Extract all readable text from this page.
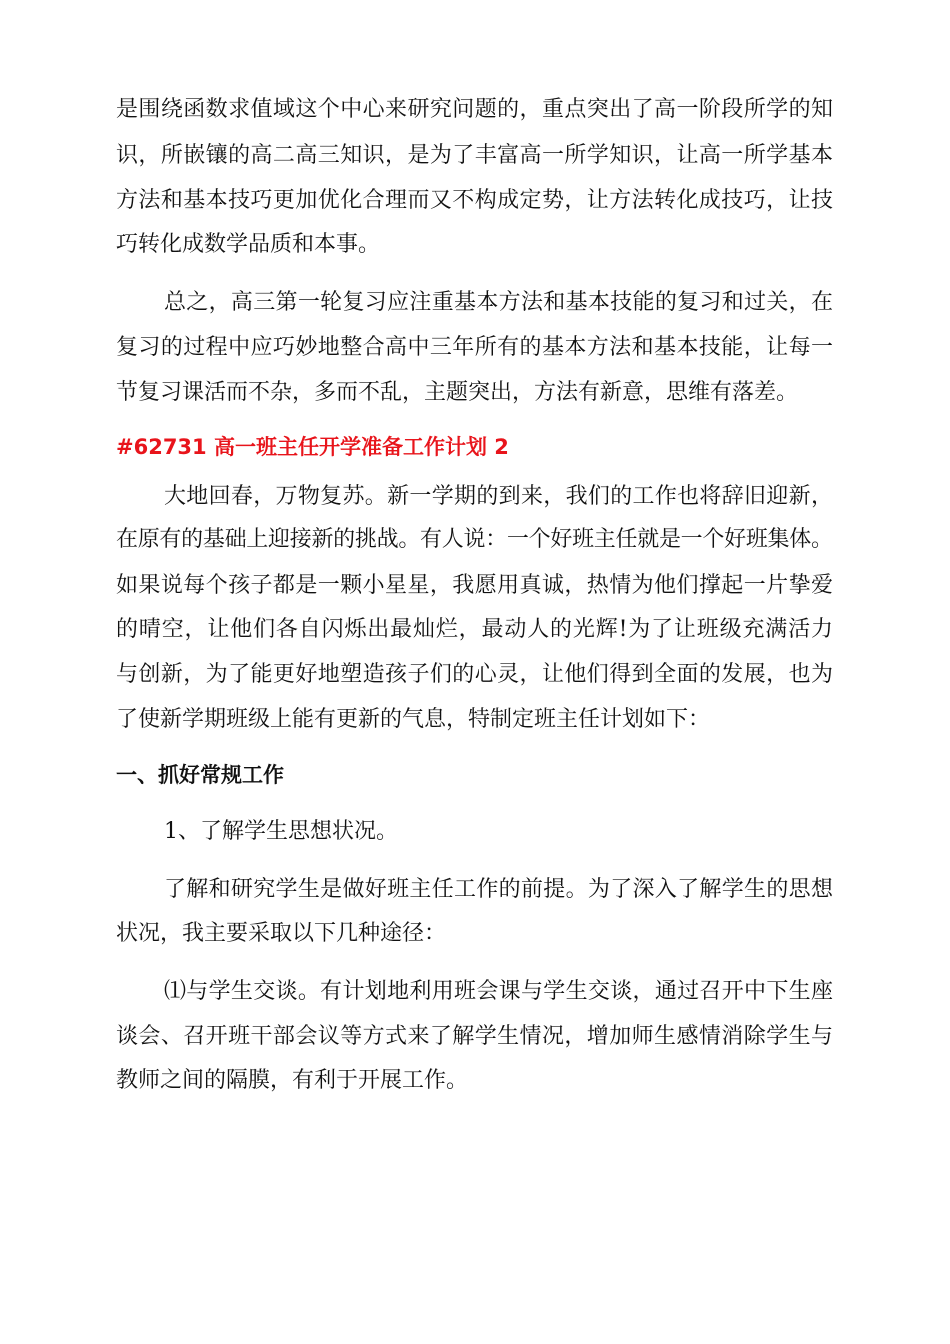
是围绕函数求值域这个中心来研究问题的，重点突出了高一阶段所学的知
识，所嵌镶的高二高三知识，是为了丰富高一所学知识，让高一所学基本
方法和基本技巧更加优化合理而又不构成定势，让方法转化成技巧，让技
巧转化成数学品质和本事。
总之，高三第一轮复习应注重基本方法和基本技能的复习和过关，在
复习的过程中应巧妙地整合高中三年所有的基本方法和基本技能，让每一
节复习课活而不杂，多而不乱，主题突出，方法有新意，思维有落差。
#62731 高一班主任开学准备工作计划 2
大地回春，万物复苏。新一学期的到来，我们的工作也将辞旧迎新，
在原有的基础上迎接新的挑战。有人说：一个好班主任就是一个好班集体。
如果说每个孩子都是一颗小星星，我愿用真诚，热情为他们撑起一片挚爱
的晴空，让他们各自闪烁出最灿烂，最动人的光辉!为了让班级充满活力
与创新，为了能更好地塑造孩子们的心灵，让他们得到全面的发展，也为
了使新学期班级上能有更新的气息，特制定班主任计划如下：
一、抓好常规工作
1、了解学生思想状况。
了解和研究学生是做好班主任工作的前提。为了深入了解学生的思想
状况，我主要采取以下几种途径：
⑴与学生交谈。有计划地利用班会课与学生交谈，通过召开中下生座
谈会、召开班干部会议等方式来了解学生情况，增加师生感情消除学生与
教师之间的隔膜，有利于开展工作。
